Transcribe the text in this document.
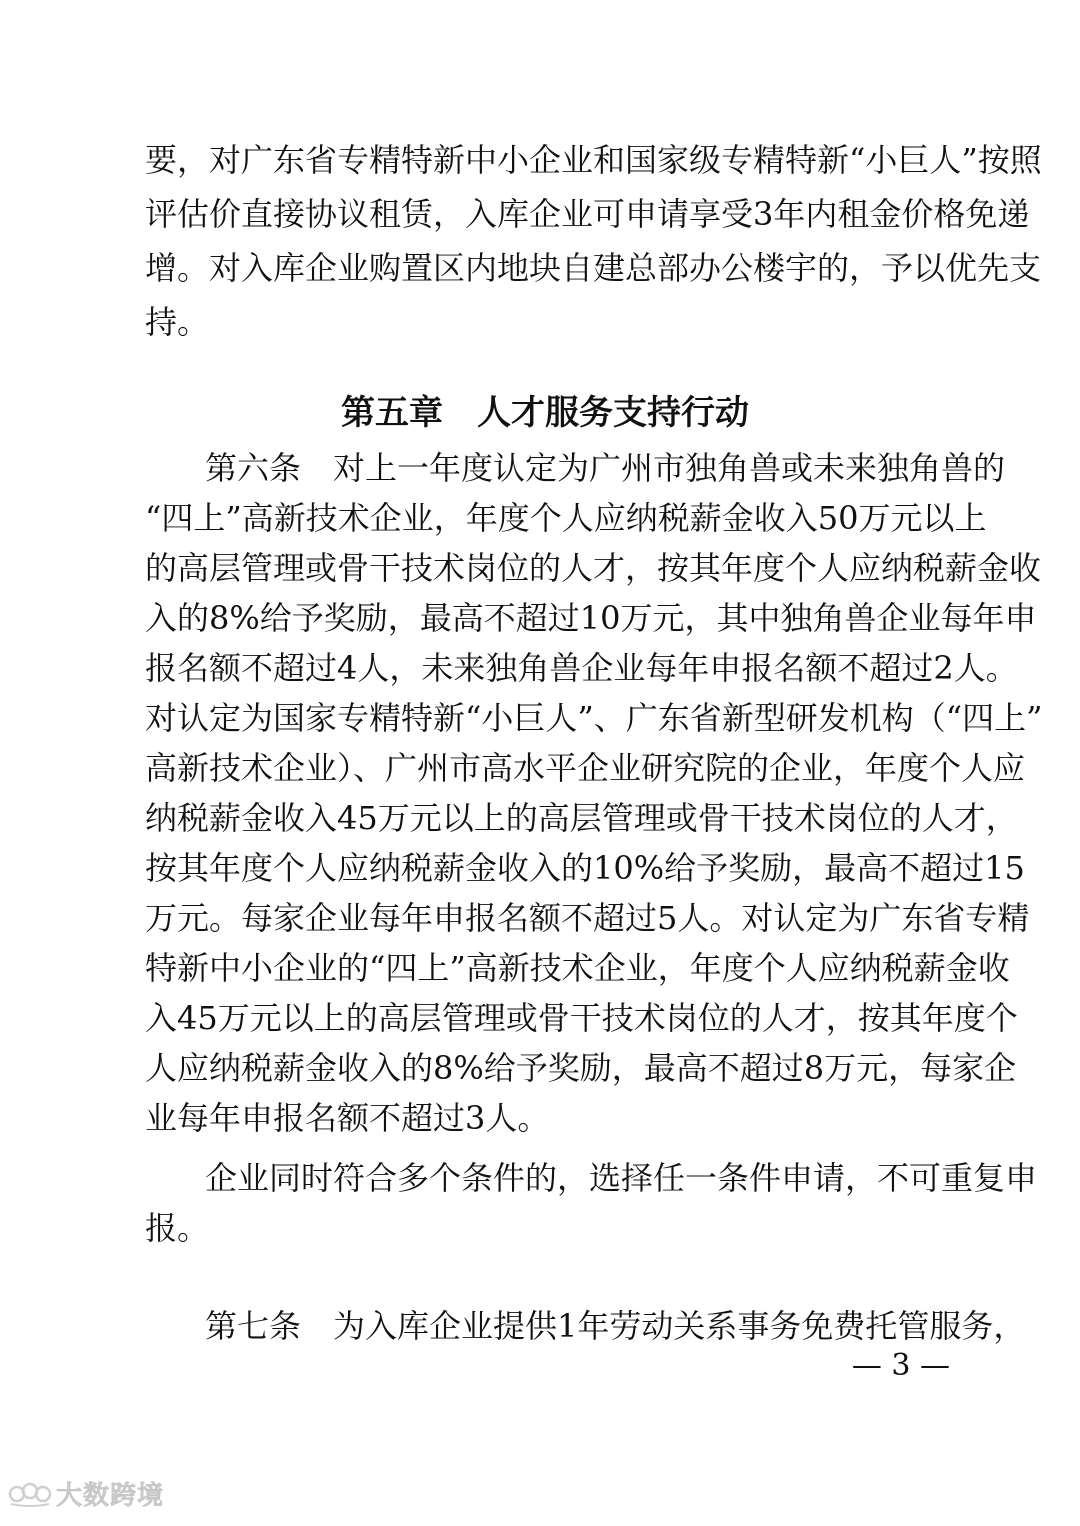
要，对广东省专精特新中小企业和国家级专精特新“小巨人”按照
评估价直接协议租赁，入库企业可申请享受3年内租金价格免递
增。对入库企业购置区内地块自建总部办公楼宇的，予以优先支
持。
第五章　人才服务支持行动
第六条　对上一年度认定为广州市独角兽或未来独角兽的
“四上”高新技术企业，年度个人应纳税薪金收入50万元以上
的高层管理或骨干技术岗位的人才，按其年度个人应纳税薪金收
入的8%给予奖励，最高不超过10万元，其中独角兽企业每年申
报名额不超过4人，未来独角兽企业每年申报名额不超过2人。
对认定为国家专精特新“小巨人”、广东省新型研发机构（“四上”
高新技术企业）、广州市高水平企业研究院的企业，年度个人应
纳税薪金收入45万元以上的高层管理或骨干技术岗位的人才，
按其年度个人应纳税薪金收入的10%给予奖励，最高不超过15
万元。每家企业每年申报名额不超过5人。对认定为广东省专精
特新中小企业的“四上”高新技术企业，年度个人应纳税薪金收
入45万元以上的高层管理或骨干技术岗位的人才，按其年度个
人应纳税薪金收入的8%给予奖励，最高不超过8万元，每家企
业每年申报名额不超过3人。
企业同时符合多个条件的，选择任一条件申请，不可重复申
报。
第七条　为入库企业提供1年劳动关系事务免费托管服务，
— 3 —
大数跨境
